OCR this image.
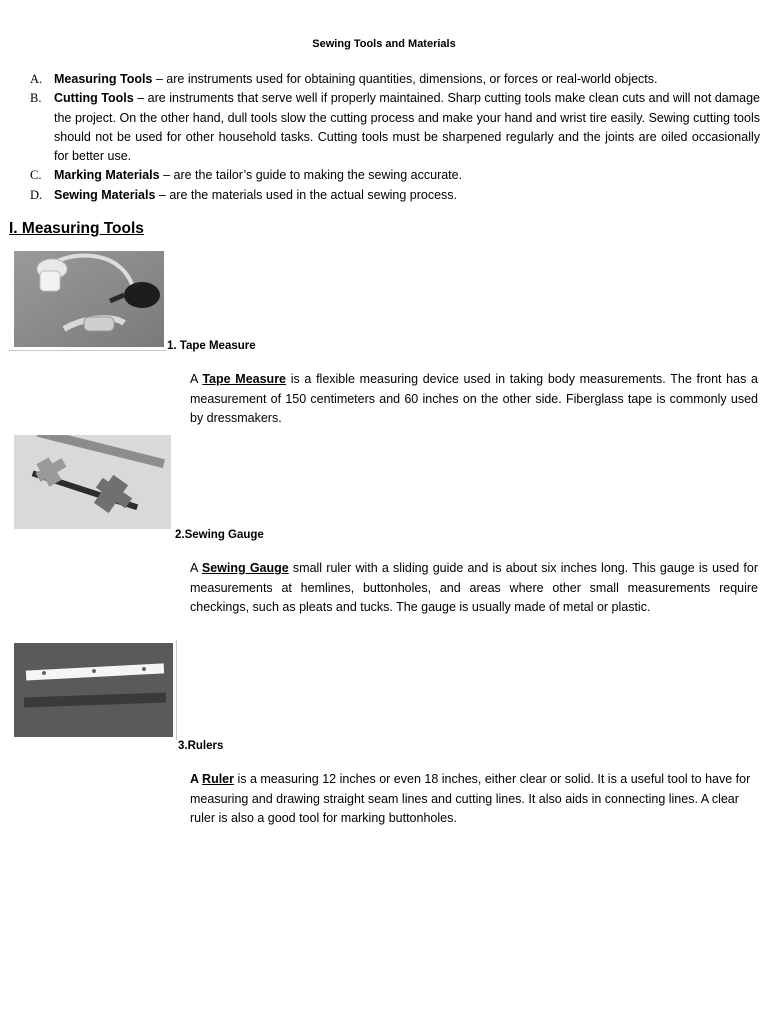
Sewing Tools and Materials
A. Measuring Tools – are instruments used for obtaining quantities, dimensions, or forces or real-world objects.
B. Cutting Tools – are instruments that serve well if properly maintained. Sharp cutting tools make clean cuts and will not damage the project. On the other hand, dull tools slow the cutting process and make your hand and wrist tire easily. Sewing cutting tools should not be used for other household tasks. Cutting tools must be sharpened regularly and the joints are oiled occasionally for better use.
C. Marking Materials – are the tailor’s guide to making the sewing accurate.
D. Sewing Materials – are the materials used in the actual sewing process.
I. Measuring Tools
1. Tape Measure

A Tape Measure is a flexible measuring device used in taking body measurements. The front has a measurement of 150 centimeters and 60 inches on the other side. Fiberglass tape is commonly used by dressmakers.

2.Sewing Gauge

A Sewing Gauge small ruler with a sliding guide and is about six inches long. This gauge is used for measurements at hemlines, buttonholes, and areas where other small measurements require checkings, such as pleats and tucks. The gauge is usually made of metal or plastic.

3.Rulers

A Ruler is a measuring 12 inches or even 18 inches, either clear or solid. It is a useful tool to have for measuring and drawing straight seam lines and cutting lines. It also aids in connecting lines. A clear ruler is also a good tool for marking buttonholes.
